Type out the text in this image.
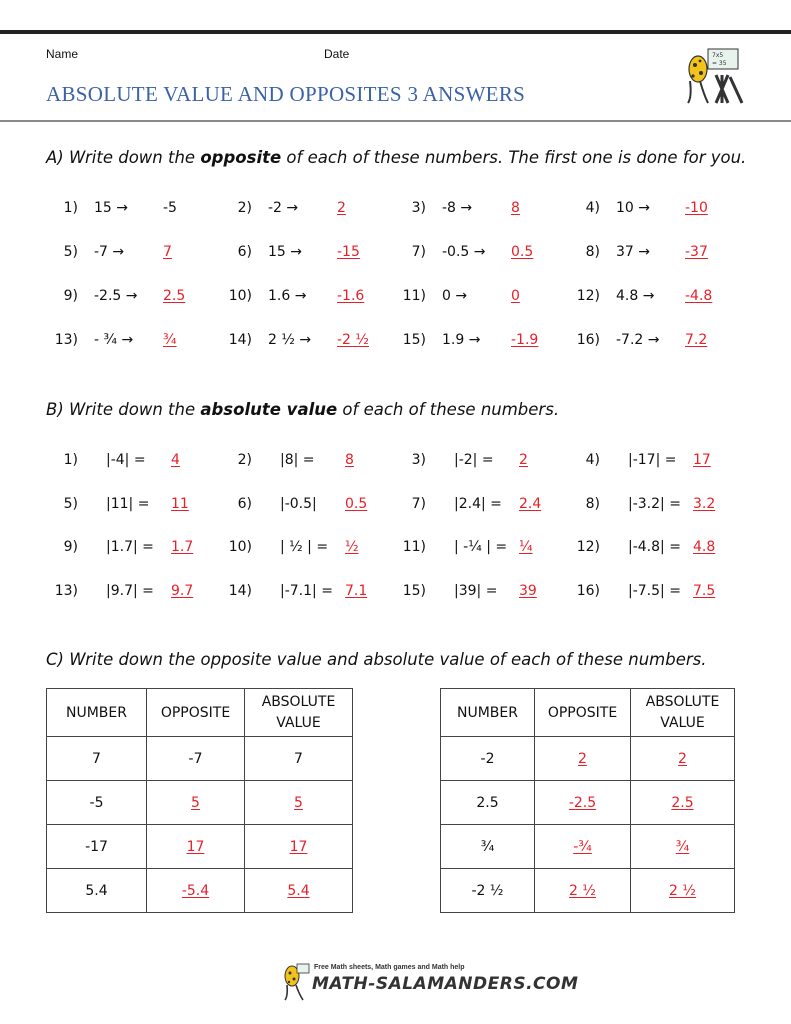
Name	Date
ABSOLUTE VALUE AND OPPOSITES 3 ANSWERS
7x5
= 35
A) Write down the opposite of each of these numbers. The first one is done for you.
1) 15 →	-5	2) -2 →	2	3) -8 →	8	4) 10 →	-10
5) -7 →	7	6) 15 →	-15	7) -0.5 → 0.5	8) 37 →	-37
9) -2.5 → 2.5	10) 1.6 → -1.6	11) 0 →	0	12) 4.8 → -4.8
13) - ¾ → ¾	14) 2 ½ → -2 ½	15) 1.9 → -1.9	16) -7.2 → 7.2
B) Write down the absolute value of each of these numbers.
1) |-4| = 4	2) |8| = 8	3) |-2| = 2	4) |-17| = 17
5) |11| = 11	6) |-0.5| 0.5	7) |2.4| = 2.4	8) |-3.2| = 3.2
9) |1.7| = 1.7	10) | ½ | = ½	11) | -¼ | = ¼	12) |-4.8| = 4.8
13) |9.7| = 9.7	14) |-7.1| = 7.1	15) |39| = 39	16) |-7.5| = 7.5
C) Write down the opposite value and absolute value of each of these numbers.
NUMBER	OPPOSITE	ABSOLUTE VALUE
7	-7	7
-5	5	5
-17	17	17
5.4	-5.4	5.4
NUMBER	OPPOSITE	ABSOLUTE VALUE
-2	2	2
2.5	-2.5	2.5
¾	-¾	¾
-2 ½	2 ½	2 ½
Free Math sheets, Math games and Math help
MATH-SALAMANDERS.COM
